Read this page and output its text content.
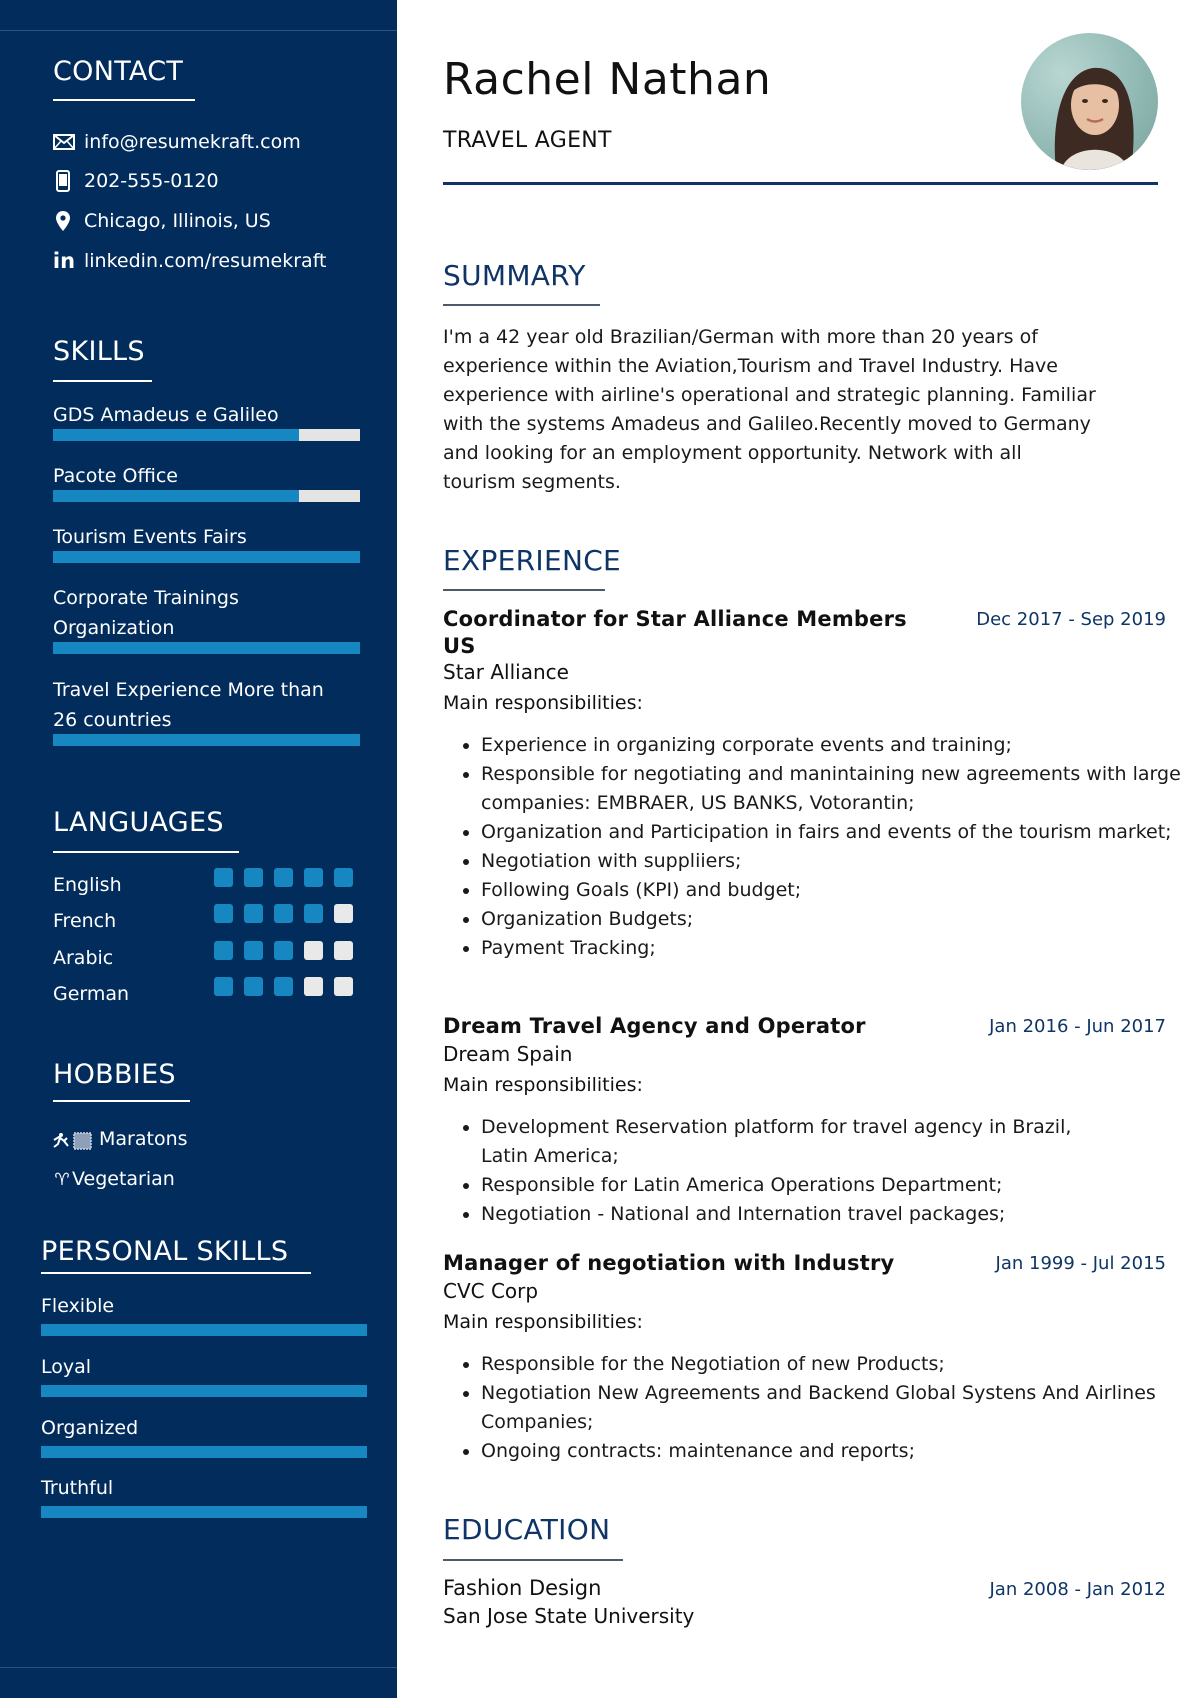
CONTACT
info@resumekraft.com
202-555-0120
Chicago, Illinois, US
in linkedin.com/resumekraft
SKILLS
GDS Amadeus e Galileo
Pacote Office
Tourism Events Fairs
Corporate Trainings
Organization
Travel Experience More than
26 countries
LANGUAGES
English
French
Arabic
German
HOBBIES
Maratons
♈ Vegetarian
PERSONAL SKILLS
Flexible
Loyal
Organized
Truthful
Rachel Nathan
TRAVEL AGENT
SUMMARY
I'm a 42 year old Brazilian/German with more than 20 years of
experience within the Aviation,Tourism and Travel Industry. Have
experience with airline's operational and strategic planning. Familiar
with the systems Amadeus and Galileo.Recently moved to Germany
and looking for an employment opportunity. Network with all
tourism segments.
EXPERIENCE
Coordinator for Star Alliance Members	Dec 2017 - Sep 2019
US
Star Alliance
Main responsibilities:
• Experience in organizing corporate events and training;
• Responsible for negotiating and manintaining new agreements with large companies: EMBRAER, US BANKS, Votorantin;
• Organization and Participation in fairs and events of the tourism market;
• Negotiation with suppliiers;
• Following Goals (KPI) and budget;
• Organization Budgets;
• Payment Tracking;
Dream Travel Agency and Operator	Jan 2016 - Jun 2017
Dream Spain
Main responsibilities:
• Development Reservation platform for travel agency in Brazil, Latin America;
• Responsible for Latin America Operations Department;
• Negotiation - National and Internation travel packages;
Manager of negotiation with Industry	Jan 1999 - Jul 2015
CVC Corp
Main responsibilities:
• Responsible for the Negotiation of new Products;
• Negotiation New Agreements and Backend Global Systens And Airlines Companies;
• Ongoing contracts: maintenance and reports;
EDUCATION
Fashion Design	Jan 2008 - Jan 2012
San Jose State University
